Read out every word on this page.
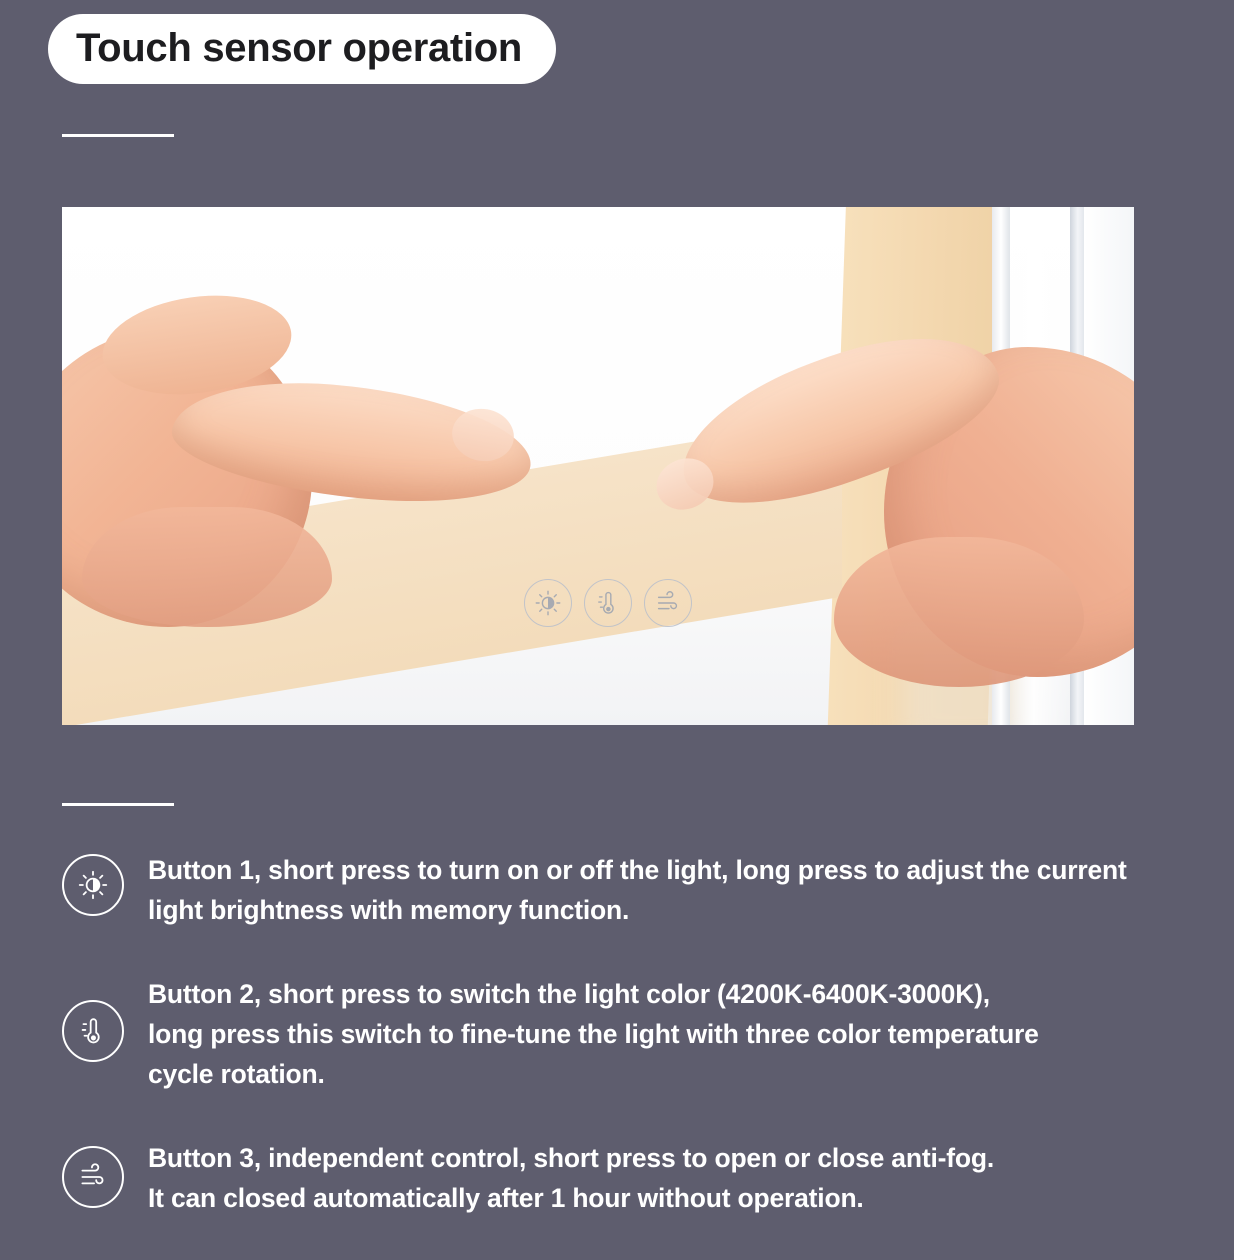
Touch sensor operation
Button 1, short press to turn on or off the light, long press to adjust the current
light brightness with memory function.
Button 2, short press to switch the light color (4200K-6400K-3000K),
long press this switch to fine-tune the light with three color temperature
cycle rotation.
Button 3, independent control, short press to open or close anti-fog.
It can closed automatically after 1 hour without operation.
